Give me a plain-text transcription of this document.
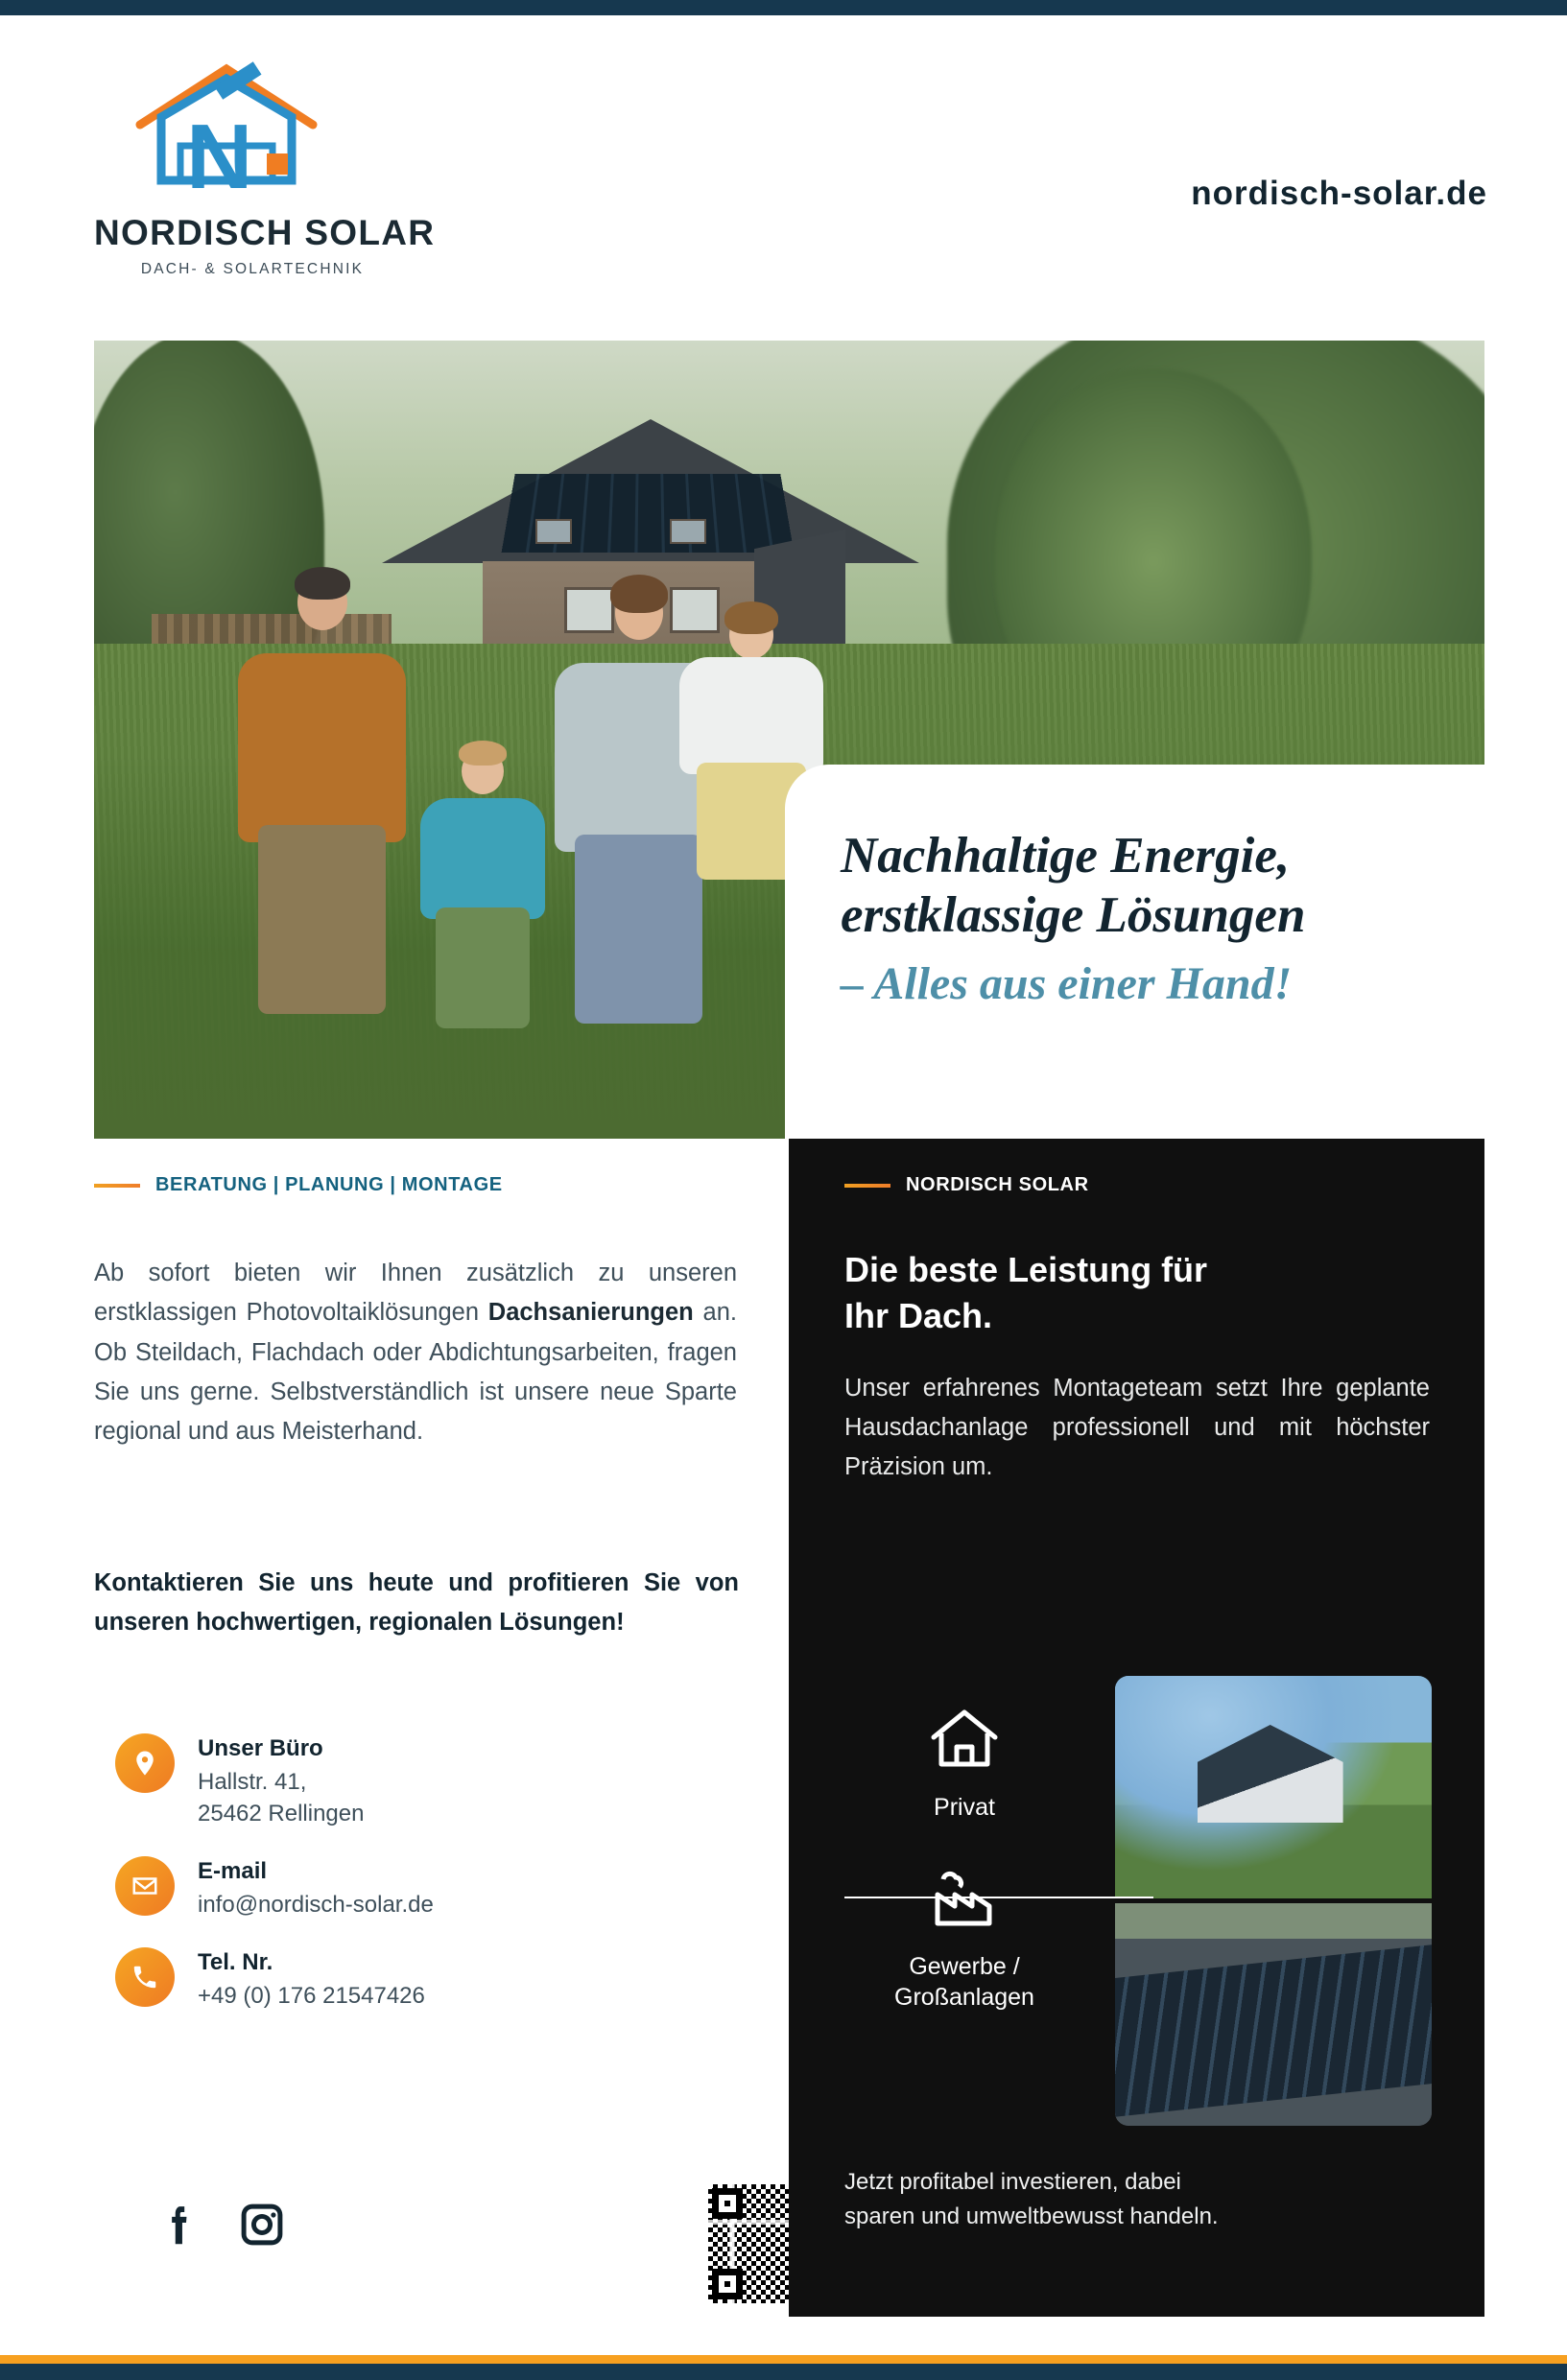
N
NORDISCH SOLAR
DACH- & SOLARTECHNIK
nordisch-solar.de
Nachhaltige Energie,
erstklassige Lösungen
– Alles aus einer Hand!
BERATUNG | PLANUNG | MONTAGE
Ab sofort bieten wir Ihnen zusätzlich zu unseren erstklassigen Photovoltaiklösungen Dachsanierungen an. Ob Steildach, Flachdach oder Abdichtungsarbeiten, fragen Sie uns gerne. Selbstverständlich ist unsere neue Sparte regional und aus Meisterhand.
Kontaktieren Sie uns heute und profitieren Sie von unseren hochwertigen, regionalen Lösungen!
Unser Büro
Hallstr. 41,
25462 Rellingen
E-mail
info@nordisch-solar.de
Tel. Nr.
+49 (0) 176 21547426
NORDISCH SOLAR
Die beste Leistung für
Ihr Dach.
Unser erfahrenes Montageteam setzt Ihre geplante Hausdachanlage professionell und mit höchster Präzision um.
Privat
Gewerbe /
Großanlagen
Jetzt profitabel investieren, dabei
sparen und umweltbewusst handeln.
